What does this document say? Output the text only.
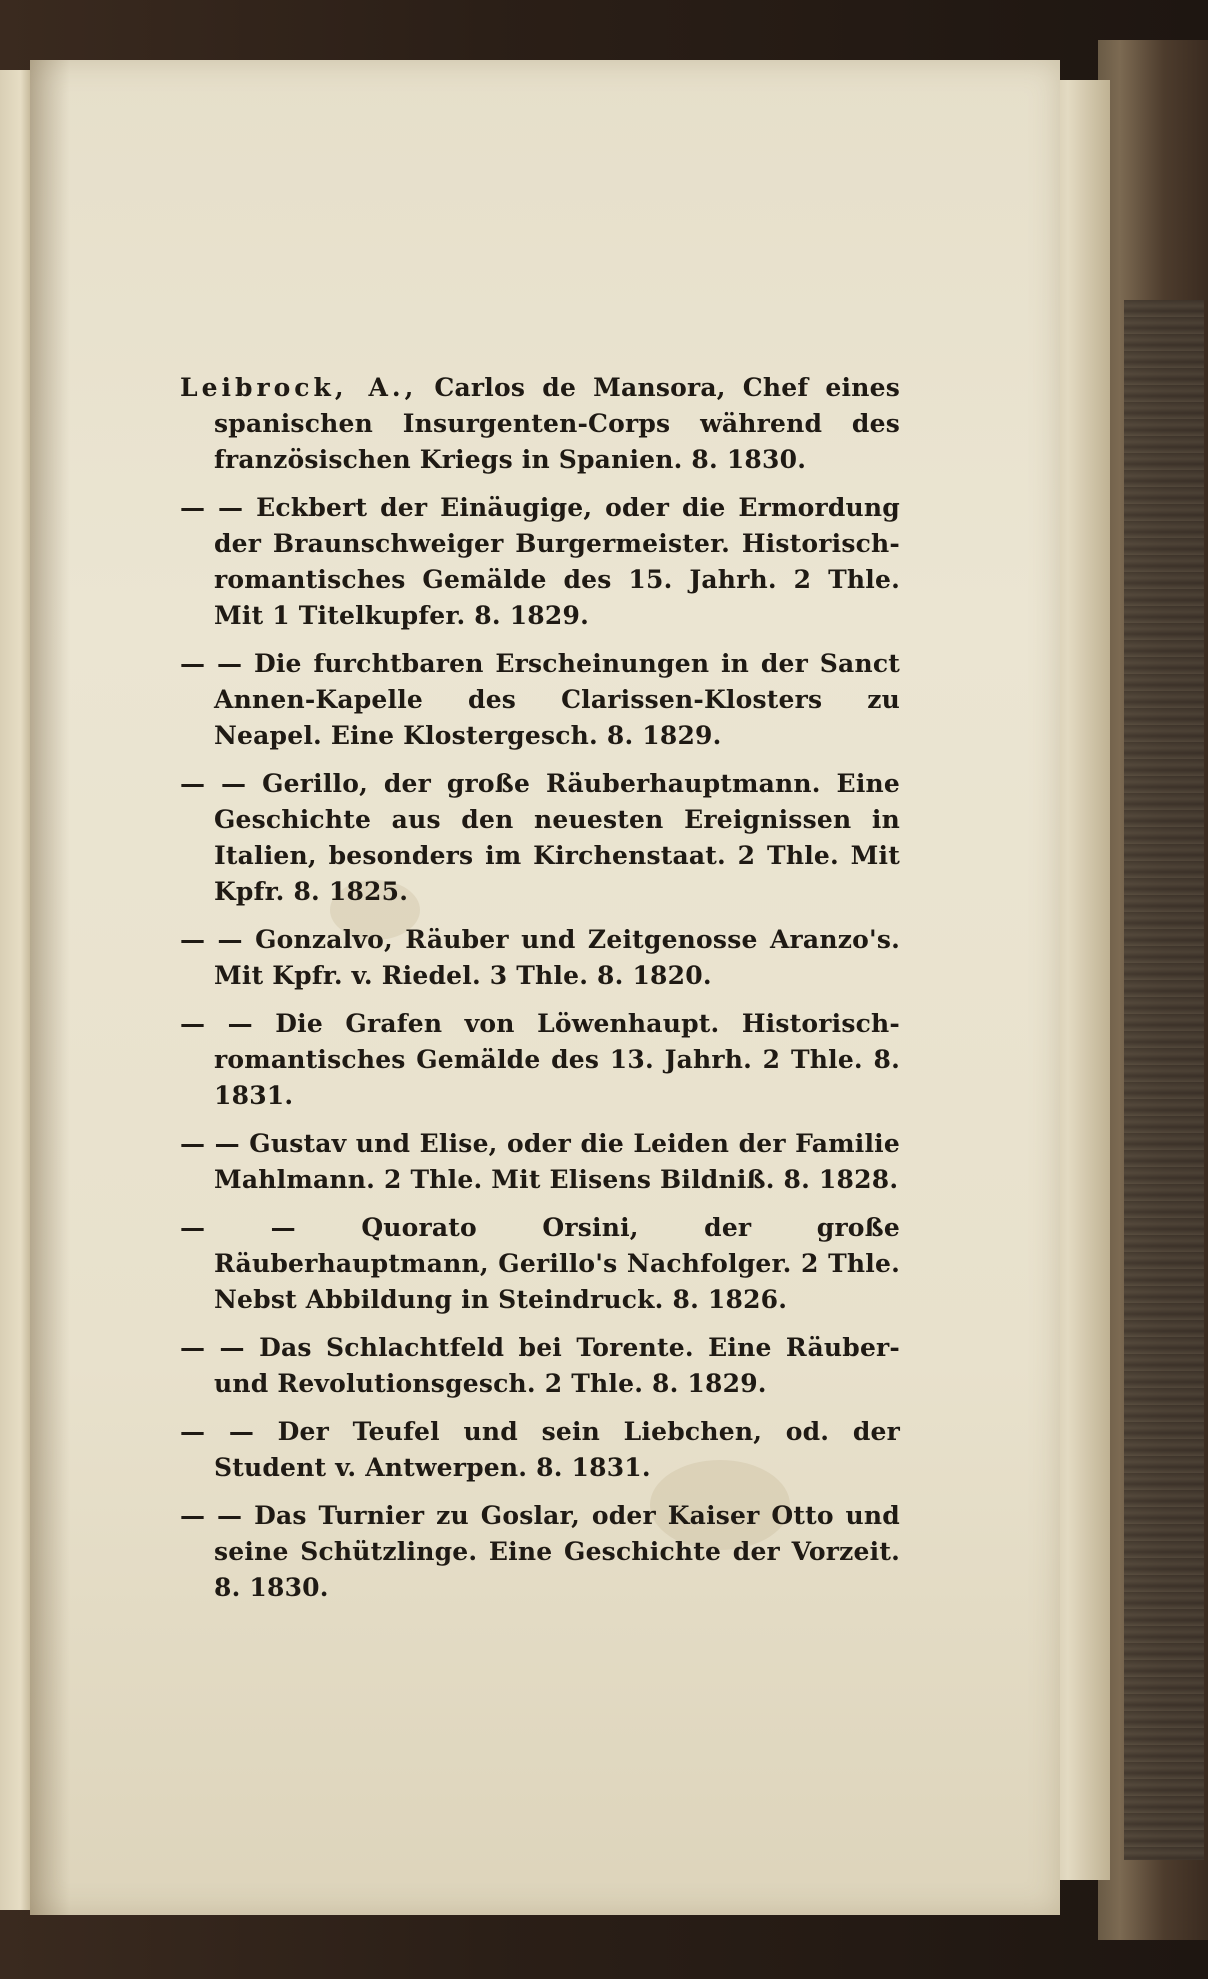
Leibrock, A., Carlos de Mansora, Chef eines spanischen Insurgenten-Corps während des französischen Kriegs in Spanien. 8. 1830.

— — Eckbert der Einäugige, oder die Ermordung der Braunschweiger Burgermeister. Historisch-romantisches Gemälde des 15. Jahrh. 2 Thle. Mit 1 Titelkupfer. 8. 1829.

— — Die furchtbaren Erscheinungen in der Sanct Annen-Kapelle des Clarissen-Klosters zu Neapel. Eine Klostergesch. 8. 1829.

— — Gerillo, der große Räuberhauptmann. Eine Geschichte aus den neuesten Ereignissen in Italien, besonders im Kirchenstaat. 2 Thle. Mit Kpfr. 8. 1825.

— — Gonzalvo, Räuber und Zeitgenosse Aranzo's. Mit Kpfr. v. Riedel. 3 Thle. 8. 1820.

— — Die Grafen von Löwenhaupt. Historisch-romantisches Gemälde des 13. Jahrh. 2 Thle. 8. 1831.

— — Gustav und Elise, oder die Leiden der Familie Mahlmann. 2 Thle. Mit Elisens Bildniß. 8. 1828.

— — Quorato Orsini, der große Räuberhauptmann, Gerillo's Nachfolger. 2 Thle. Nebst Abbildung in Steindruck. 8. 1826.

— — Das Schlachtfeld bei Torente. Eine Räuber- und Revolutionsgesch. 2 Thle. 8. 1829.

— — Der Teufel und sein Liebchen, od. der Student v. Antwerpen. 8. 1831.

— — Das Turnier zu Goslar, oder Kaiser Otto und seine Schützlinge. Eine Geschichte der Vorzeit. 8. 1830.
